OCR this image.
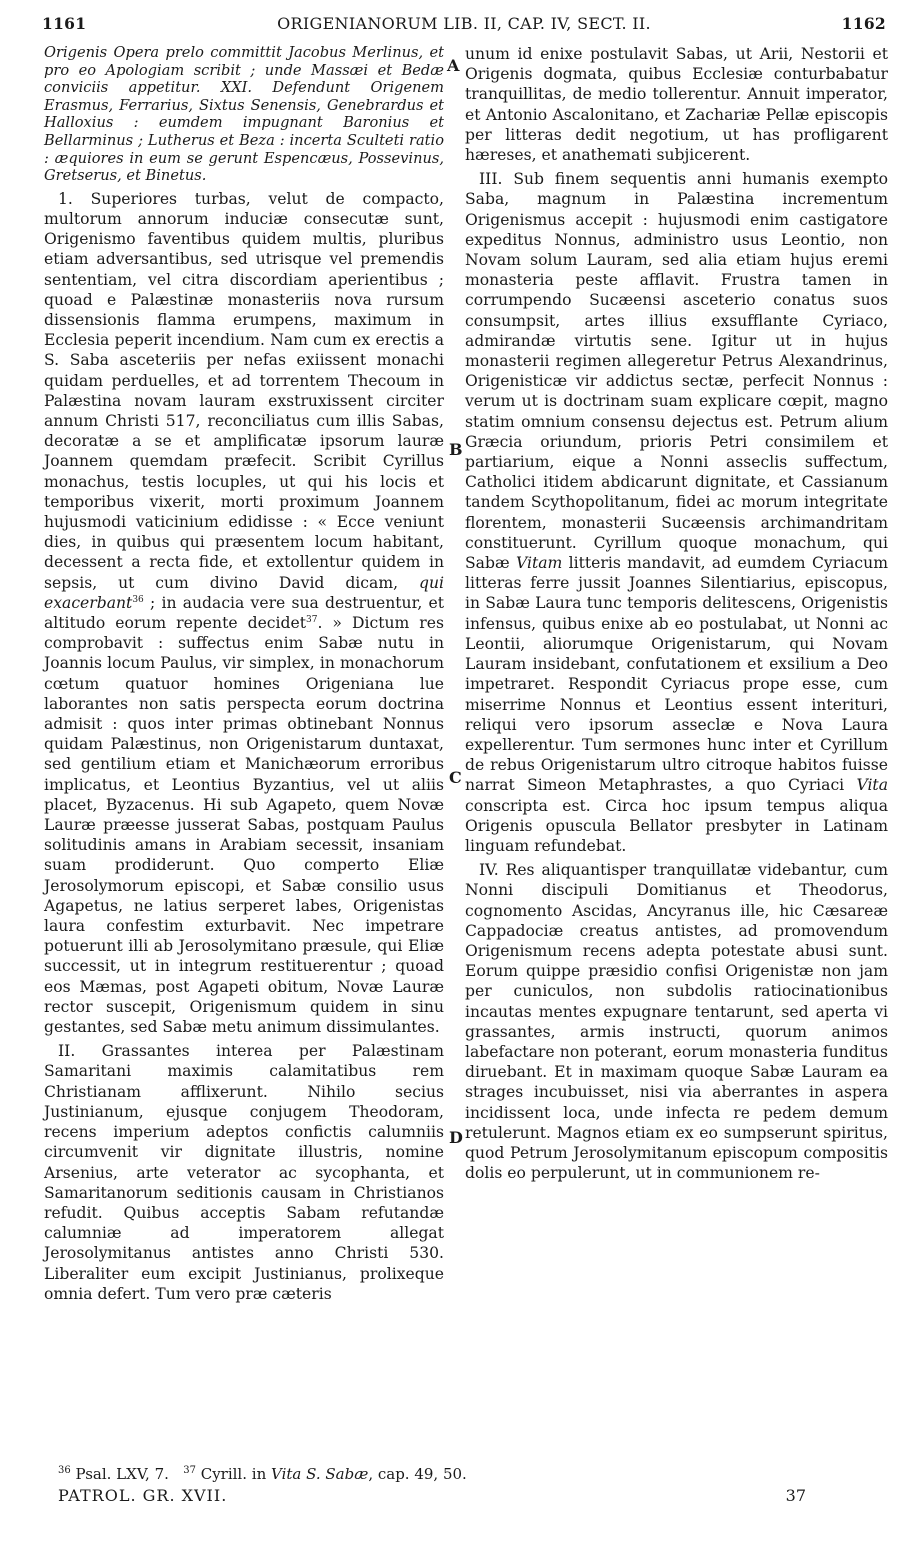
1161	ORIGENIANORUM LIB. II, CAP. IV, SECT. II.	1162

Origenis Opera prelo committit Jacobus Merlinus, et pro eo Apologiam scribit ; unde Massæi et Bedæ conviciis appetitur. XXI. Defendunt Origenem Erasmus, Ferrarius, Sixtus Senensis, Genebrardus et Halloxius : eumdem impugnant Baronius et Bellarminus ; Lutherus et Beza : incerta Sculteti ratio : æquiores in eum se gerunt Espencæus, Possevinus, Gretserus, et Binetus.

1. Superiores turbas, velut de compacto, multorum annorum induciæ consecutæ sunt, Origenismo faventibus quidem multis, pluribus etiam adversantibus, sed utrisque vel premendis sententiam, vel citra discordiam aperientibus ; quoad e Palæstinæ monasteriis nova rursum dissensionis flamma erumpens, maximum in Ecclesia peperit incendium. Nam cum ex erectis a S. Saba asceteriis per nefas exiissent monachi quidam perduelles, et ad torrentem Thecoum in Palæstina novam lauram exstruxissent circiter annum Christi 517, reconciliatus cum illis Sabas, decoratæ a se et amplificatæ ipsorum lauræ Joannem quemdam præfecit. Scribit Cyrillus monachus, testis locuples, ut qui his locis et temporibus vixerit, morti proximum Joannem hujusmodi vaticinium edidisse : « Ecce veniunt dies, in quibus qui præsentem locum habitant, decessent a recta fide, et extollentur quidem in sepsis, ut cum divino David dicam, qui exacerbant$^{36}$ ; in audacia vere sua destruentur, et altitudo eorum repente decidet$^{37}$. » Dictum res comprobavit : suffectus enim Sabæ nutu in Joannis locum Paulus, vir simplex, in monachorum cœtum quatuor homines Origeniana lue laborantes non satis perspecta eorum doctrina admisit : quos inter primas obtinebant Nonnus quidam Palæstinus, non Origenistarum duntaxat, sed gentilium etiam et Manichæorum erroribus implicatus, et Leontius Byzantius, vel ut aliis placet, Byzacenus. Hi sub Agapeto, quem Novæ Lauræ præesse jusserat Sabas, postquam Paulus solitudinis amans in Arabiam secessit, insaniam suam prodiderunt. Quo comperto Eliæ Jerosolymorum episcopi, et Sabæ consilio usus Agapetus, ne latius serperet labes, Origenistas laura confestim exturbavit. Nec impetrare potuerunt illi ab Jerosolymitano præsule, qui Eliæ successit, ut in integrum restituerentur ; quoad eos Mæmas, post Agapeti obitum, Novæ Lauræ rector suscepit, Origenismum quidem in sinu gestantes, sed Sabæ metu animum dissimulantes.

II. Grassantes interea per Palæstinam Samaritani maximis calamitatibus rem Christianam afflixerunt. Nihilo secius Justinianum, ejusque conjugem Theodoram, recens imperium adeptos confictis calumniis circumvenit vir dignitate illustris, nomine Arsenius, arte veterator ac sycophanta, et Samaritanorum seditionis causam in Christianos refudit. Quibus acceptis Sabam refutandæ calumniæ ad imperatorem allegat Jerosolymitanus antistes anno Christi 530. Liberaliter eum excipit Justinianus, prolixeque omnia defert. Tum vero præ cæteris

A
B
C
D

unum id enixe postulavit Sabas, ut Arii, Nestorii et Origenis dogmata, quibus Ecclesiæ conturbabatur tranquillitas, de medio tollerentur. Annuit imperator, et Antonio Ascalonitano, et Zachariæ Pellæ episcopis per litteras dedit negotium, ut has profligarent hæreses, et anathemati subjicerent.

III. Sub finem sequentis anni humanis exempto Saba, magnum in Palæstina incrementum Origenismus accepit : hujusmodi enim castigatore expeditus Nonnus, administro usus Leontio, non Novam solum Lauram, sed alia etiam hujus eremi monasteria peste afflavit. Frustra tamen in corrumpendo Sucæensi asceterio conatus suos consumpsit, artes illius exsufflante Cyriaco, admirandæ virtutis sene. Igitur ut in hujus monasterii regimen allegeretur Petrus Alexandrinus, Origenisticæ vir addictus sectæ, perfecit Nonnus : verum ut is doctrinam suam explicare cœpit, magno statim omnium consensu dejectus est. Petrum alium Græcia oriundum, prioris Petri consimilem et partiarium, eique a Nonni asseclis suffectum, Catholici itidem abdicarunt dignitate, et Cassianum tandem Scythopolitanum, fidei ac morum integritate florentem, monasterii Sucæensis archimandritam constituerunt. Cyrillum quoque monachum, qui Sabæ Vitam litteris mandavit, ad eumdem Cyriacum litteras ferre jussit Joannes Silentiarius, episcopus, in Sabæ Laura tunc temporis delitescens, Origenistis infensus, quibus enixe ab eo postulabat, ut Nonni ac Leontii, aliorumque Origenistarum, qui Novam Lauram insidebant, confutationem et exsilium a Deo impetraret. Respondit Cyriacus prope esse, cum miserrime Nonnus et Leontius essent interituri, reliqui vero ipsorum asseclæ e Nova Laura expellerentur. Tum sermones hunc inter et Cyrillum de rebus Origenistarum ultro citroque habitos fuisse narrat Simeon Metaphrastes, a quo Cyriaci Vita conscripta est. Circa hoc ipsum tempus aliqua Origenis opuscula Bellator presbyter in Latinam linguam refundebat.

IV. Res aliquantisper tranquillatæ videbantur, cum Nonni discipuli Domitianus et Theodorus, cognomento Ascidas, Ancyranus ille, hic Cæsareæ Cappadociæ creatus antistes, ad promovendum Origenismum recens adepta potestate abusi sunt. Eorum quippe præsidio confisi Origenistæ non jam per cuniculos, non subdolis ratiocinationibus incautas mentes expugnare tentarunt, sed aperta vi grassantes, armis instructi, quorum animos labefactare non poterant, eorum monasteria funditus diruebant. Et in maximam quoque Sabæ Lauram ea strages incubuisset, nisi via aberrantes in aspera incidissent loca, unde infecta re pedem demum retulerunt. Magnos etiam ex eo sumpserunt spiritus, quod Petrum Jerosolymitanum episcopum compositis dolis eo perpulerunt, ut in communionem re-

$^{36}$ Psal. LXV, 7. $^{37}$ Cyrill. in Vita S. Sabæ, cap. 49, 50.
PATROL. GR. XVII.	37
